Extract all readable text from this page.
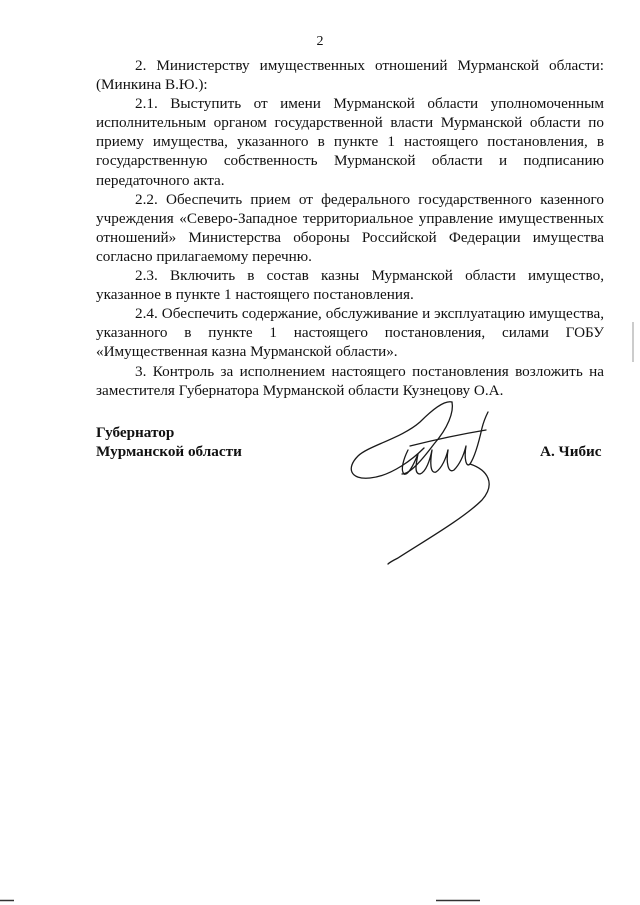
2

2. Министерству имущественных отношений Мурманской области: (Минкина В.Ю.):

2.1. Выступить от имени Мурманской области уполномоченным исполнительным органом государственной власти Мурманской области по приему имущества, указанного в пункте 1 настоящего постановления, в государственную собственность Мурманской области и подписанию передаточного акта.

2.2. Обеспечить прием от федерального государственного казенного учреждения «Северо-Западное территориальное управление имущественных отношений» Министерства обороны Российской Федерации имущества согласно прилагаемому перечню.

2.3. Включить в состав казны Мурманской области имущество, указанное в пункте 1 настоящего постановления.

2.4. Обеспечить содержание, обслуживание и эксплуатацию имущества, указанного в пункте 1 настоящего постановления, силами ГОБУ «Имущественная казна Мурманской области».

3. Контроль за исполнением настоящего постановления возложить на заместителя Губернатора Мурманской области Кузнецову О.А.

Губернатор
Мурманской области	А. Чибис
